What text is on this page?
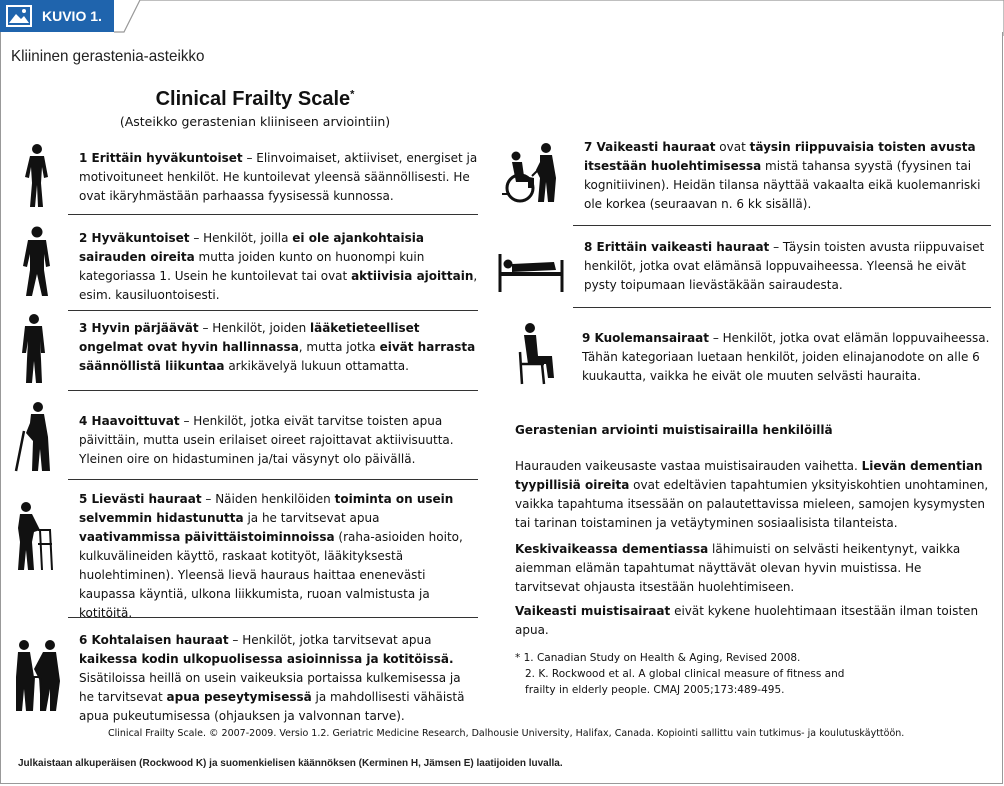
KUVIO 1.
Kliininen gerastenia-asteikko
Clinical Frailty Scale*
(Asteikko gerastenian kliiniseen arviointiin)
1 Erittäin hyväkuntoiset – Elinvoimaiset, aktiiviset, energiset ja motivoituneet henkilöt. He kuntoilevat yleensä säännöllisesti. He ovat ikäryhmästään parhaassa fyysisessä kunnossa.
2 Hyväkuntoiset – Henkilöt, joilla ei ole ajankohtaisia sairauden oireita mutta joiden kunto on huonompi kuin kategoriassa 1. Usein he kuntoilevat tai ovat aktiivisia ajoittain, esim. kausiluontoisesti.
3 Hyvin pärjäävät – Henkilöt, joiden lääketieteelliset ongelmat ovat hyvin hallinnassa, mutta jotka eivät harrasta säännöllistä liikuntaa arkikävelyä lukuun ottamatta.
4 Haavoittuvat – Henkilöt, jotka eivät tarvitse toisten apua päivittäin, mutta usein erilaiset oireet rajoittavat aktiivisuutta. Yleinen oire on hidastuminen ja/tai väsynyt olo päivällä.
5 Lievästi hauraat – Näiden henkilöiden toiminta on usein selvemmin hidastunutta ja he tarvitsevat apua vaativammissa päivittäistoiminnoissa (raha-asioiden hoito, kulkuvälineiden käyttö, raskaat kotityöt, lääkityksestä huolehtiminen). Yleensä lievä hauraus haittaa enenevästi kaupassa käyntiä, ulkona liikkumista, ruoan valmistusta ja kotitöitä.
6 Kohtalaisen hauraat – Henkilöt, jotka tarvitsevat apua kaikessa kodin ulkopuolisessa asioinnissa ja kotitöissä. Sisätiloissa heillä on usein vaikeuksia portaissa kulkemisessa ja he tarvitsevat apua peseytymisessä ja mahdollisesti vähäistä apua pukeutumisessa (ohjauksen ja valvonnan tarve).
7 Vaikeasti hauraat ovat täysin riippuvaisia toisten avusta itsestään huolehtimisessa mistä tahansa syystä (fyysinen tai kognitiivinen). Heidän tilansa näyttää vakaalta eikä kuolemanriski ole korkea (seuraavan n. 6 kk sisällä).
8 Erittäin vaikeasti hauraat – Täysin toisten avusta riippuvaiset henkilöt, jotka ovat elämänsä loppuvaiheessa. Yleensä he eivät pysty toipumaan lievästäkään sairaudesta.
9 Kuolemansairaat – Henkilöt, jotka ovat elämän loppuvaiheessa. Tähän kategoriaan luetaan henkilöt, joiden elinajanodote on alle 6 kuukautta, vaikka he eivät ole muuten selvästi hauraita.
Gerastenian arviointi muistisairailla henkilöillä
Haurauden vaikeusaste vastaa muistisairauden vaihetta. Lievän dementian tyypillisiä oireita ovat edeltävien tapahtumien yksityiskohtien unohtaminen, vaikka tapahtuma itsessään on palautettavissa mieleen, samojen kysymysten tai tarinan toistaminen ja vetäytyminen sosiaalisista tilanteista.
Keskivaikeassa dementiassa lähimuisti on selvästi heikentynyt, vaikka aiemman elämän tapahtumat näyttävät olevan hyvin muistissa. He tarvitsevat ohjausta itsestään huolehtimiseen.
Vaikeasti muistisairaat eivät kykene huolehtimaan itsestään ilman toisten apua.
* 1. Canadian Study on Health & Aging, Revised 2008.
2. K. Rockwood et al. A global clinical measure of fitness and
frailty in elderly people. CMAJ 2005;173:489-495.
Clinical Frailty Scale. © 2007-2009. Versio 1.2. Geriatric Medicine Research, Dalhousie University, Halifax, Canada. Kopiointi sallittu vain tutkimus- ja koulutuskäyttöön.
Julkaistaan alkuperäisen (Rockwood K) ja suomenkielisen käännöksen (Kerminen H, Jämsen E) laatijoiden luvalla.
